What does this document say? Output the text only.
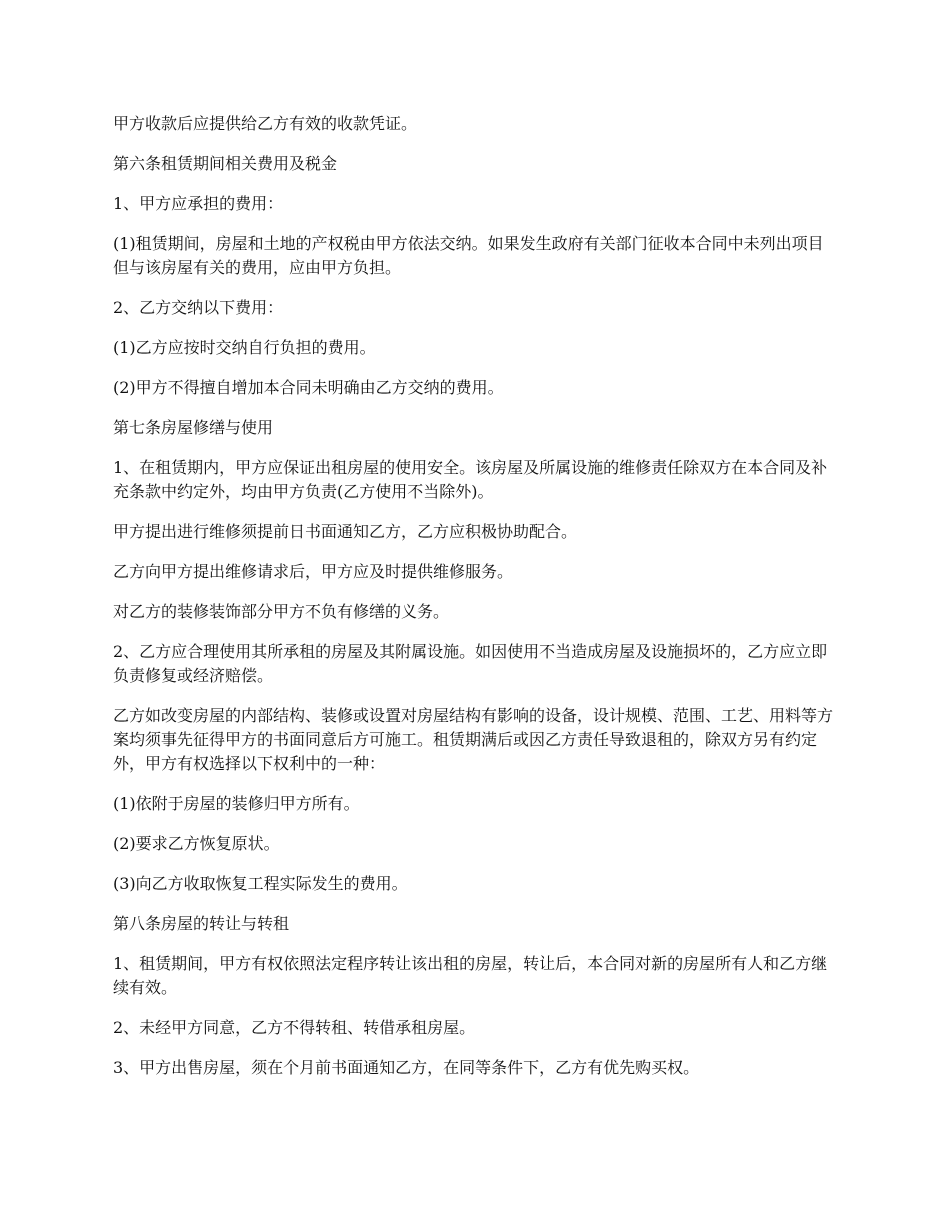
甲方收款后应提供给乙方有效的收款凭证。

第六条租赁期间相关费用及税金

1、甲方应承担的费用：

(1)租赁期间，房屋和土地的产权税由甲方依法交纳。如果发生政府有关部门征收本合同中未列出项目但与该房屋有关的费用，应由甲方负担。

2、乙方交纳以下费用：

(1)乙方应按时交纳自行负担的费用。

(2)甲方不得擅自增加本合同未明确由乙方交纳的费用。

第七条房屋修缮与使用

1、在租赁期内，甲方应保证出租房屋的使用安全。该房屋及所属设施的维修责任除双方在本合同及补充条款中约定外，均由甲方负责(乙方使用不当除外)。

甲方提出进行维修须提前日书面通知乙方，乙方应积极协助配合。

乙方向甲方提出维修请求后，甲方应及时提供维修服务。

对乙方的装修装饰部分甲方不负有修缮的义务。

2、乙方应合理使用其所承租的房屋及其附属设施。如因使用不当造成房屋及设施损坏的，乙方应立即负责修复或经济赔偿。

乙方如改变房屋的内部结构、装修或设置对房屋结构有影响的设备，设计规模、范围、工艺、用料等方案均须事先征得甲方的书面同意后方可施工。租赁期满后或因乙方责任导致退租的，除双方另有约定外，甲方有权选择以下权利中的一种：

(1)依附于房屋的装修归甲方所有。

(2)要求乙方恢复原状。

(3)向乙方收取恢复工程实际发生的费用。

第八条房屋的转让与转租

1、租赁期间，甲方有权依照法定程序转让该出租的房屋，转让后，本合同对新的房屋所有人和乙方继续有效。

2、未经甲方同意，乙方不得转租、转借承租房屋。

3、甲方出售房屋，须在个月前书面通知乙方，在同等条件下，乙方有优先购买权。
